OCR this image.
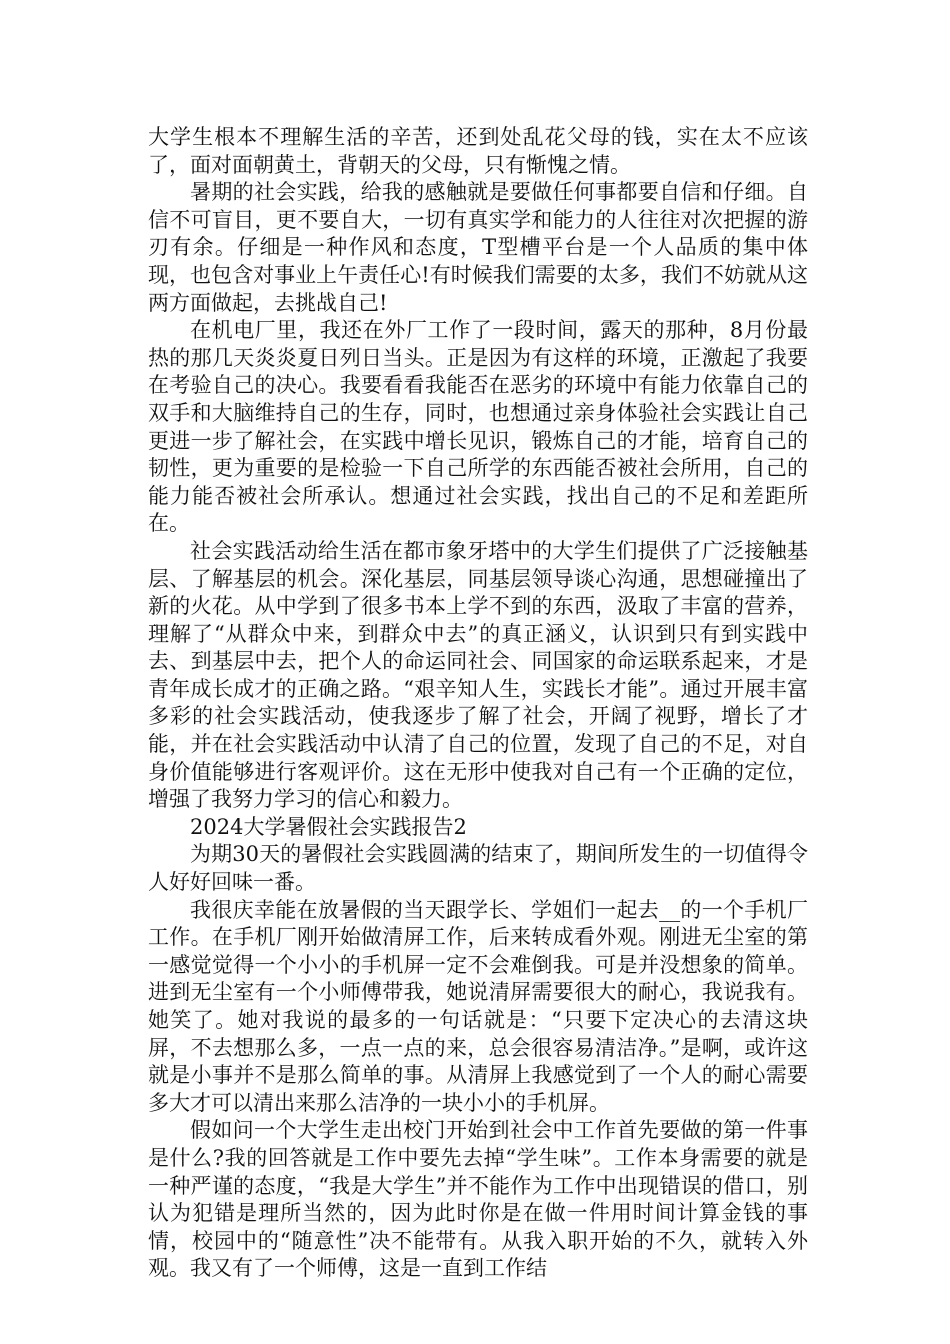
大学生根本不理解生活的辛苦，还到处乱花父母的钱，实在太不应该了，面对面朝黄土，背朝天的父母，只有惭愧之情。

暑期的社会实践，给我的感触就是要做任何事都要自信和仔细。自信不可盲目，更不要自大，一切有真实学和能力的人往往对次把握的游刃有余。仔细是一种作风和态度，T型槽平台是一个人品质的集中体现，也包含对事业上午责任心!有时候我们需要的太多，我们不妨就从这两方面做起，去挑战自己!

在机电厂里，我还在外厂工作了一段时间，露天的那种，8月份最热的那几天炎炎夏日列日当头。正是因为有这样的环境，正激起了我要在考验自己的决心。我要看看我能否在恶劣的环境中有能力依靠自己的双手和大脑维持自己的生存，同时，也想通过亲身体验社会实践让自己更进一步了解社会，在实践中增长见识，锻炼自己的才能，培育自己的韧性，更为重要的是检验一下自己所学的东西能否被社会所用，自己的能力能否被社会所承认。想通过社会实践，找出自己的不足和差距所在。

社会实践活动给生活在都市象牙塔中的大学生们提供了广泛接触基层、了解基层的机会。深化基层，同基层领导谈心沟通，思想碰撞出了新的火花。从中学到了很多书本上学不到的东西，汲取了丰富的营养，理解了“从群众中来，到群众中去”的真正涵义，认识到只有到实践中去、到基层中去，把个人的命运同社会、同国家的命运联系起来，才是青年成长成才的正确之路。“艰辛知人生，实践长才能”。通过开展丰富多彩的社会实践活动，使我逐步了解了社会，开阔了视野，增长了才能，并在社会实践活动中认清了自己的位置，发现了自己的不足，对自身价值能够进行客观评价。这在无形中使我对自己有一个正确的定位，增强了我努力学习的信心和毅力。

2024大学暑假社会实践报告2

为期30天的暑假社会实践圆满的结束了，期间所发生的一切值得令人好好回味一番。

我很庆幸能在放暑假的当天跟学长、学姐们一起去__的一个手机厂工作。在手机厂刚开始做清屏工作，后来转成看外观。刚进无尘室的第一感觉觉得一个小小的手机屏一定不会难倒我。可是并没想象的简单。进到无尘室有一个小师傅带我，她说清屏需要很大的耐心，我说我有。她笑了。她对我说的最多的一句话就是：“只要下定决心的去清这块屏，不去想那么多，一点一点的来，总会很容易清洁净。”是啊，或许这就是小事并不是那么简单的事。从清屏上我感觉到了一个人的耐心需要多大才可以清出来那么洁净的一块小小的手机屏。

假如问一个大学生走出校门开始到社会中工作首先要做的第一件事是什么?我的回答就是工作中要先去掉“学生味”。工作本身需要的就是一种严谨的态度，“我是大学生”并不能作为工作中出现错误的借口，别认为犯错是理所当然的，因为此时你是在做一件用时间计算金钱的事情，校园中的“随意性”决不能带有。从我入职开始的不久，就转入外观。我又有了一个师傅，这是一直到工作结
